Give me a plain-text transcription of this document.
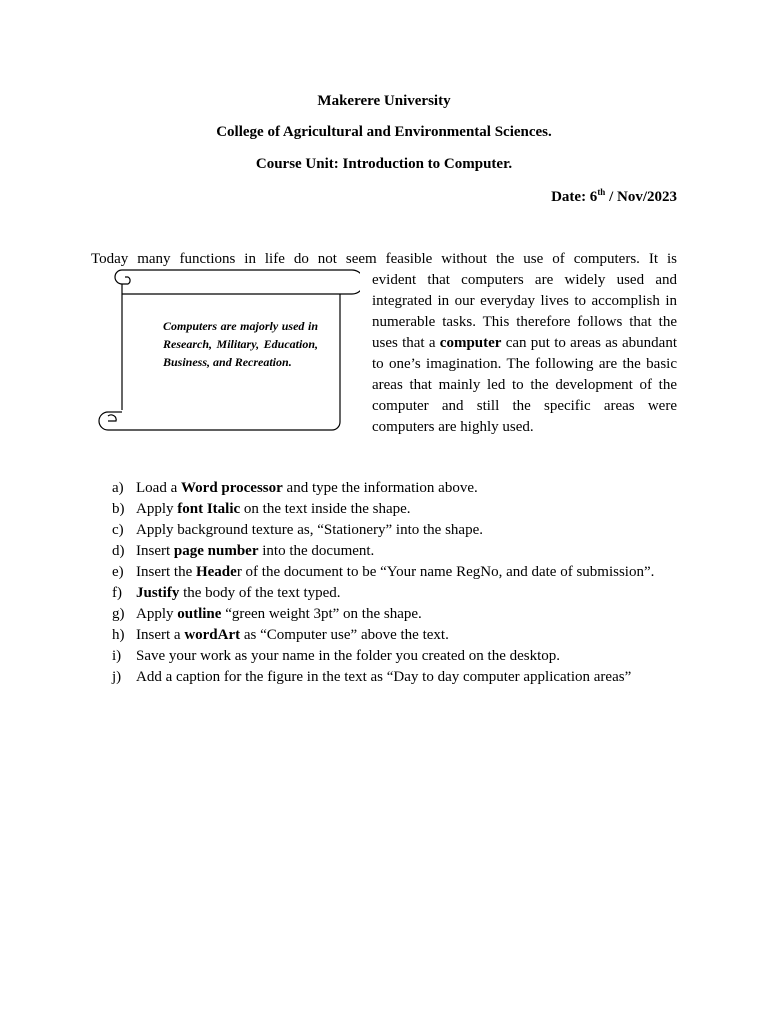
Makerere University
College of Agricultural and Environmental Sciences.
Course Unit: Introduction to Computer.
Date: 6th / Nov/2023
Today many functions in life do not seem feasible without the use of computers. It is
evident that computers are widely used and integrated in our everyday lives to accomplish in numerable tasks. This therefore follows that the uses that a computer can put to areas as abundant to one’s imagination. The following are the basic areas that mainly led to the development of the computer and still the specific areas were computers are highly used.
Computers are majorly used in Research, Military, Education, Business, and Recreation.
a) Load a Word processor and type the information above.
b) Apply font Italic on the text inside the shape.
c) Apply background texture as, “Stationery” into the shape.
d) Insert page number into the document.
e) Insert the Header of the document to be “Your name RegNo, and date of submission”.
f) Justify the body of the text typed.
g) Apply outline “green weight 3pt” on the shape.
h) Insert a wordArt as “Computer use” above the text.
i) Save your work as your name in the folder you created on the desktop.
j) Add a caption for the figure in the text as “Day to day computer application areas”
